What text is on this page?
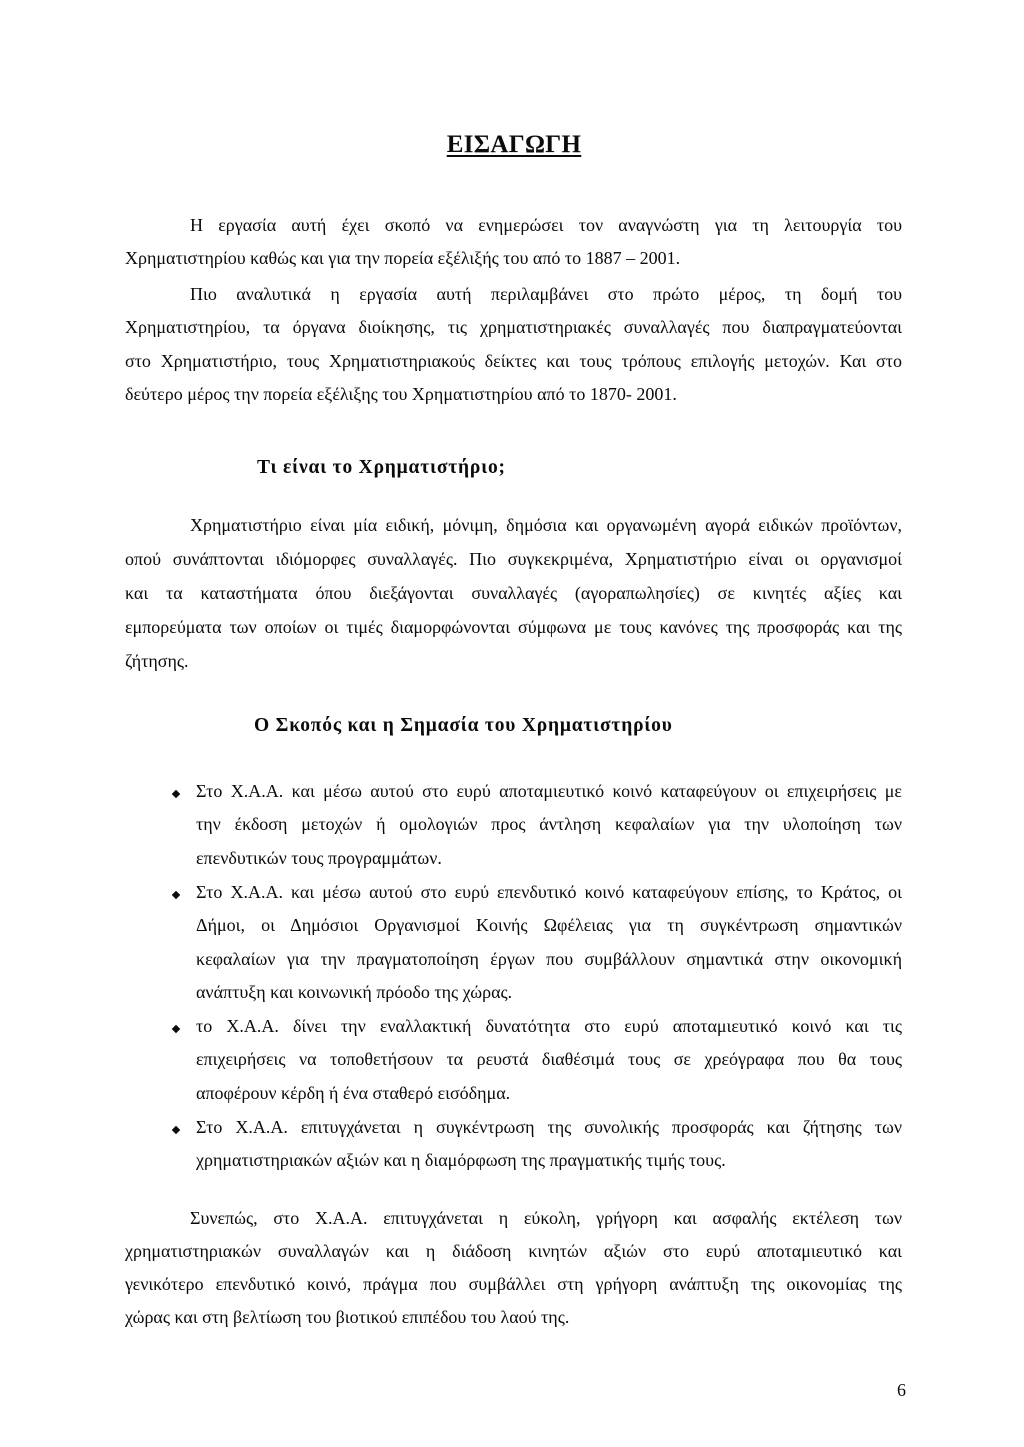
ΕΙΣΑΓΩΓΗ
Η εργασία αυτή έχει σκοπό να ενημερώσει τον αναγνώστη για τη λειτουργία του
Χρηματιστηρίου καθώς και για την πορεία εξέλιξής του από το 1887 – 2001.
Πιο αναλυτικά η εργασία αυτή περιλαμβάνει στο πρώτο μέρος, τη δομή του
Χρηματιστηρίου, τα όργανα διοίκησης, τις χρηματιστηριακές συναλλαγές που διαπραγματεύονται
στο Χρηματιστήριο, τους Χρηματιστηριακούς δείκτες και τους τρόπους επιλογής μετοχών. Και στο
δεύτερο μέρος την πορεία εξέλιξης του Χρηματιστηρίου από το 1870- 2001.
Τι είναι το Χρηματιστήριο;
Χρηματιστήριο είναι μία ειδική, μόνιμη, δημόσια και οργανωμένη αγορά ειδικών προϊόντων,
οπού συνάπτονται ιδιόμορφες συναλλαγές. Πιο συγκεκριμένα, Χρηματιστήριο είναι οι οργανισμοί
και τα καταστήματα όπου διεξάγονται συναλλαγές (αγοραπωλησίες) σε κινητές αξίες και
εμπορεύματα των οποίων οι τιμές διαμορφώνονται σύμφωνα με τους κανόνες της προσφοράς και της
ζήτησης.
Ο Σκοπός και η Σημασία του Χρηματιστηρίου
Στο Χ.Α.Α. και μέσω αυτού στο ευρύ αποταμιευτικό κοινό καταφεύγουν οι επιχειρήσεις με
την έκδοση μετοχών ή ομολογιών προς άντληση κεφαλαίων για την υλοποίηση των
επενδυτικών τους προγραμμάτων.
Στο Χ.Α.Α. και μέσω αυτού στο ευρύ επενδυτικό κοινό καταφεύγουν επίσης, το Κράτος, οι
Δήμοι, οι Δημόσιοι Οργανισμοί Κοινής Ωφέλειας για τη συγκέντρωση σημαντικών
κεφαλαίων για την πραγματοποίηση έργων που συμβάλλουν σημαντικά στην οικονομική
ανάπτυξη και κοινωνική πρόοδο της χώρας.
το Χ.Α.Α. δίνει την εναλλακτική δυνατότητα στο ευρύ αποταμιευτικό κοινό και τις
επιχειρήσεις να τοποθετήσουν τα ρευστά διαθέσιμά τους σε χρεόγραφα που θα τους
αποφέρουν κέρδη ή ένα σταθερό εισόδημα.
Στο Χ.Α.Α. επιτυγχάνεται η συγκέντρωση της συνολικής προσφοράς και ζήτησης των
χρηματιστηριακών αξιών και η διαμόρφωση της πραγματικής τιμής τους.
Συνεπώς, στο Χ.Α.Α. επιτυγχάνεται η εύκολη, γρήγορη και ασφαλής εκτέλεση των
χρηματιστηριακών συναλλαγών και η διάδοση κινητών αξιών στο ευρύ αποταμιευτικό και
γενικότερο επενδυτικό κοινό, πράγμα που συμβάλλει στη γρήγορη ανάπτυξη της οικονομίας της
χώρας και στη βελτίωση του βιοτικού επιπέδου του λαού της.
6
